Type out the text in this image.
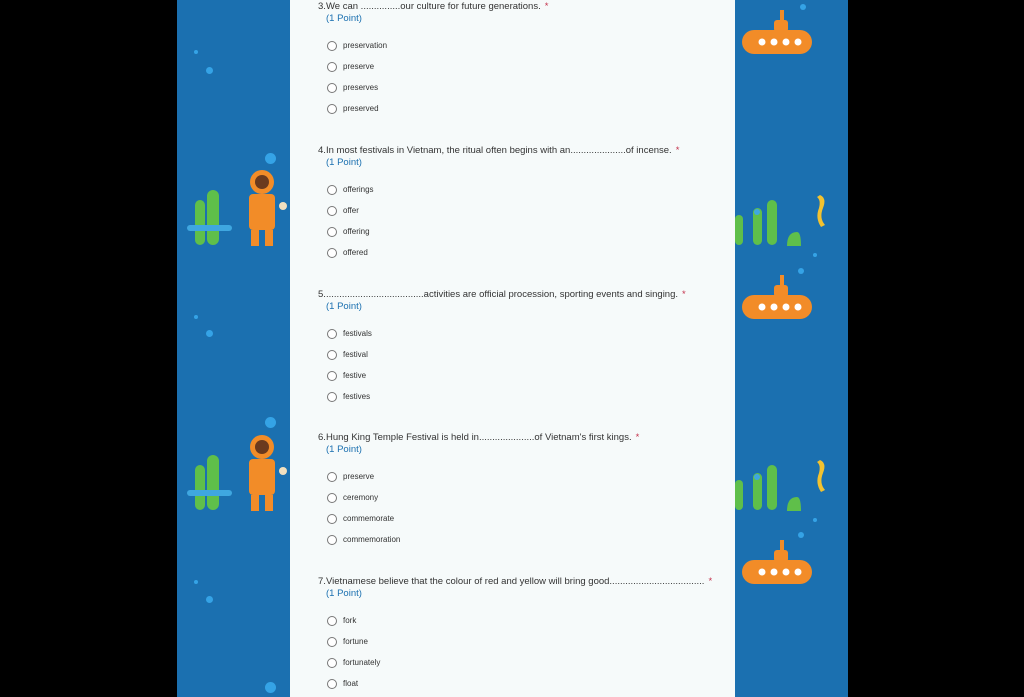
3.We can ...............our culture for future generations. *
(1 Point)
preservation
preserve
preserves
preserved
4.In most festivals in Vietnam, the ritual often begins with an.....................of incense. *
(1 Point)
offerings
offer
offering
offered
5......................................activities are official procession, sporting events and singing. *
(1 Point)
festivals
festival
festive
festives
6.Hung King Temple Festival is held in.....................of Vietnam's first kings. *
(1 Point)
preserve
ceremony
commemorate
commemoration
7.Vietnamese believe that the colour of red and yellow will bring good.................................... *
(1 Point)
fork
fortune
fortunately
float
